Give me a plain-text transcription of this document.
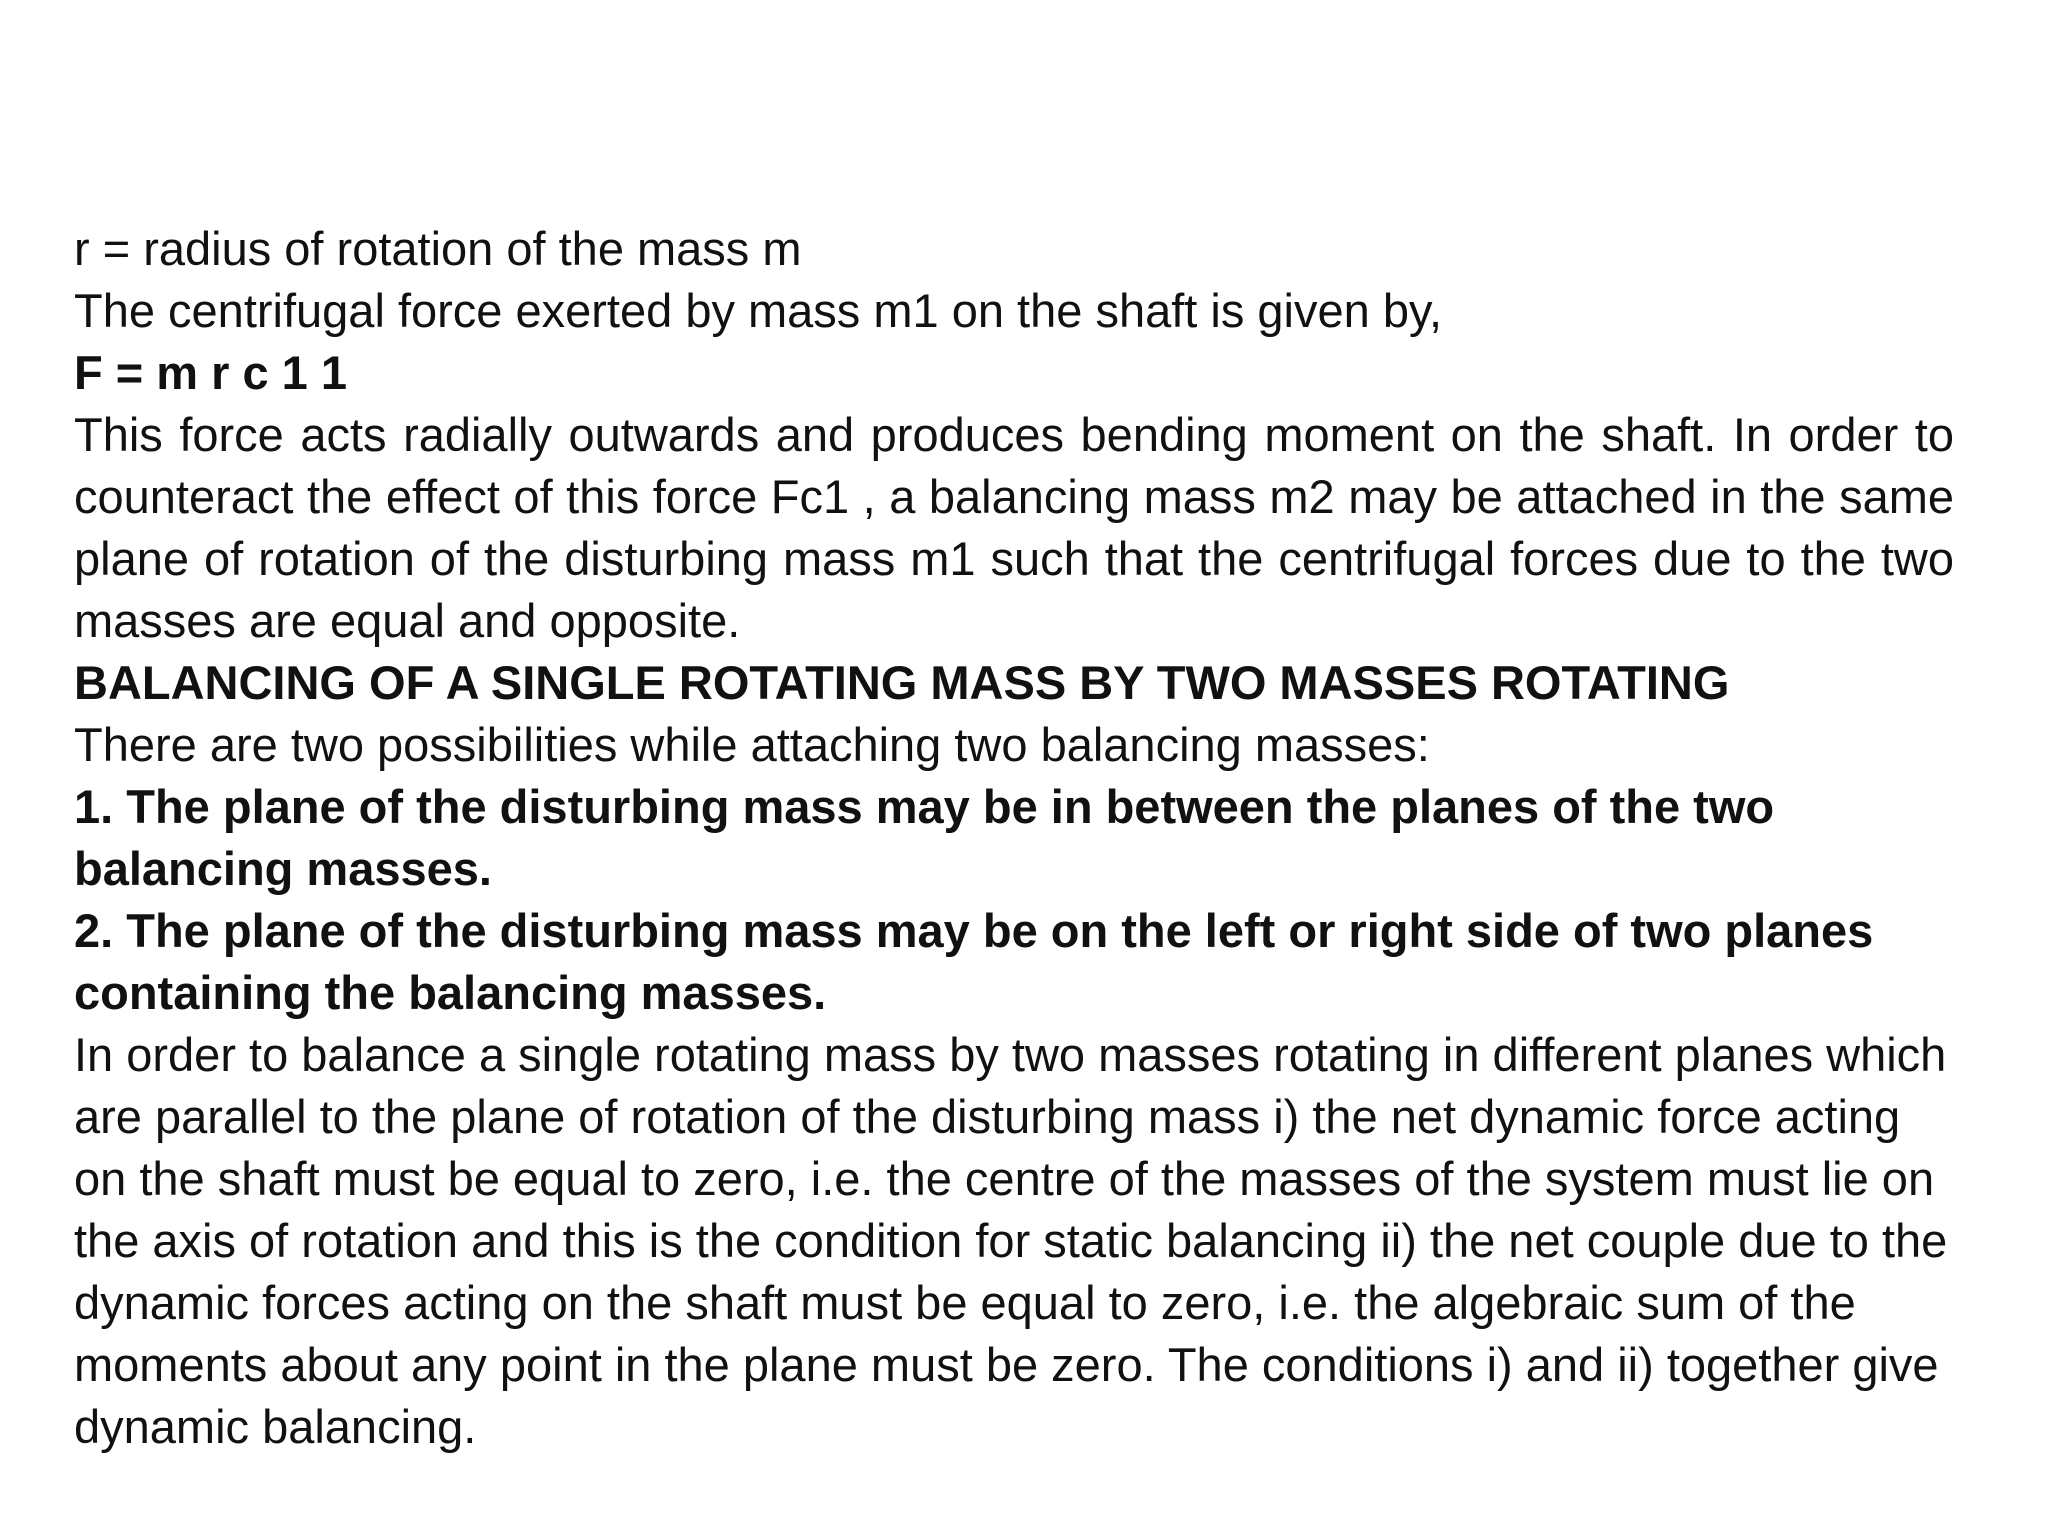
r = radius of rotation of the mass m

The centrifugal force exerted by mass m1 on the shaft is given by,

F = m r c 1 1

This force acts radially outwards and produces bending moment on the shaft. In order to counteract the effect of this force Fc1 , a balancing mass m2 may be attached in the same plane of rotation of the disturbing mass m1 such that the centrifugal forces due to the two masses are equal and opposite.

BALANCING OF A SINGLE ROTATING MASS BY TWO MASSES ROTATING

There are two possibilities while attaching two balancing masses:

1. The plane of the disturbing mass may be in between the planes of the two balancing masses.

2. The plane of the disturbing mass may be on the left or right side of two planes containing the balancing masses.

In order to balance a single rotating mass by two masses rotating in different planes which are parallel to the plane of rotation of the disturbing mass i) the net dynamic force acting on the shaft must be equal to zero, i.e. the centre of the masses of the system must lie on the axis of rotation and this is the condition for static balancing ii) the net couple due to the dynamic forces acting on the shaft must be equal to zero, i.e. the algebraic sum of the moments about any point in the plane must be zero. The conditions i) and ii) together give dynamic balancing.
